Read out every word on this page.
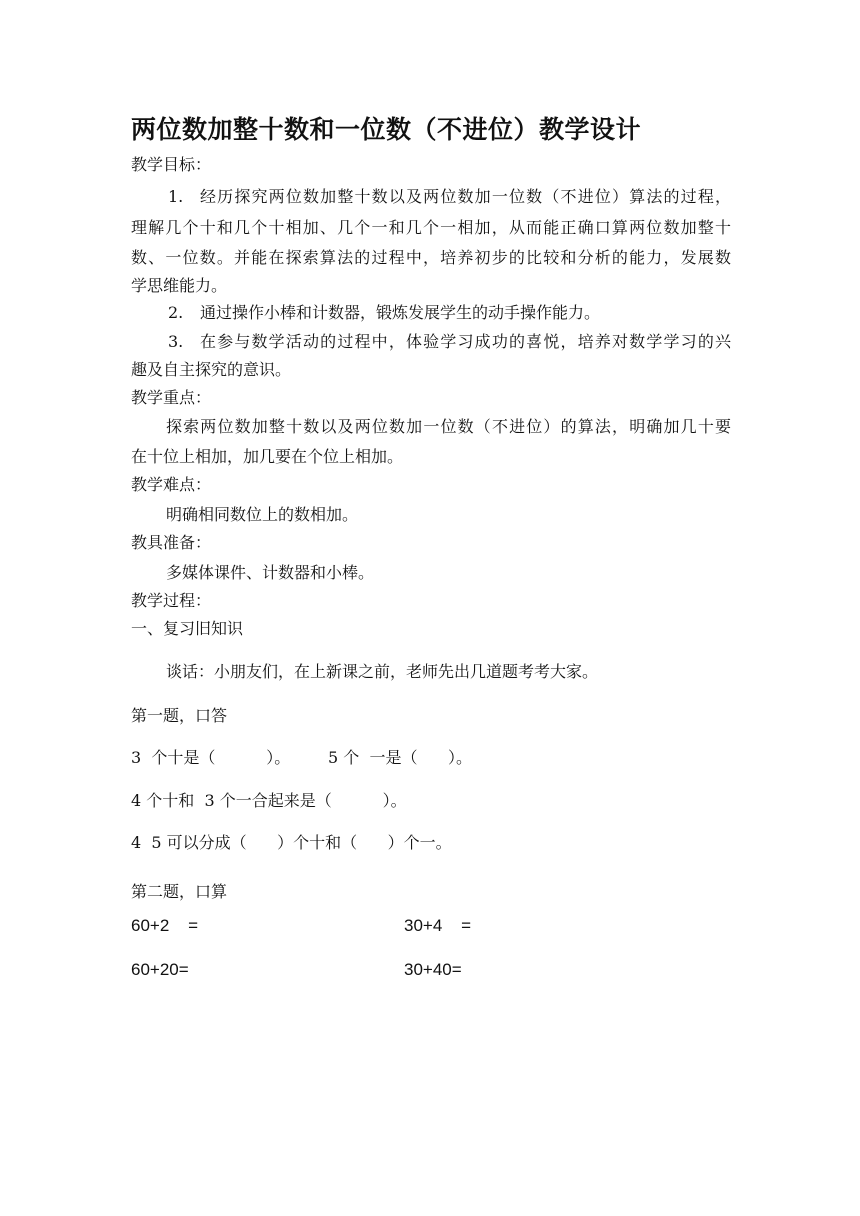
两位数加整十数和一位数（不进位）教学设计
教学目标：
1. 经历探究两位数加整十数以及两位数加一位数（不进位）算法的过程，
理解几个十和几个十相加、几个一和几个一相加，从而能正确口算两位数加整十
数、一位数。并能在探索算法的过程中，培养初步的比较和分析的能力，发展数
学思维能力。
2. 通过操作小棒和计数器，锻炼发展学生的动手操作能力。
3. 在参与数学活动的过程中，体验学习成功的喜悦，培养对数学学习的兴
趣及自主探究的意识。
教学重点：
探索两位数加整十数以及两位数加一位数（不进位）的算法，明确加几十要
在十位上相加，加几要在个位上相加。
教学难点：
明确相同数位上的数相加。
教具准备：
多媒体课件、计数器和小棒。
教学过程：
一、复习旧知识
谈话：小朋友们，在上新课之前，老师先出几道题考考大家。
第一题，口答
3  个十是（          ）。 5 个  一是（      ）。
4 个十和  3 个一合起来是（          ）。
4  5 可以分成（      ）个十和（      ）个一。
第二题，口算
60+2    =	30+4    =
60+20=	30+40=
